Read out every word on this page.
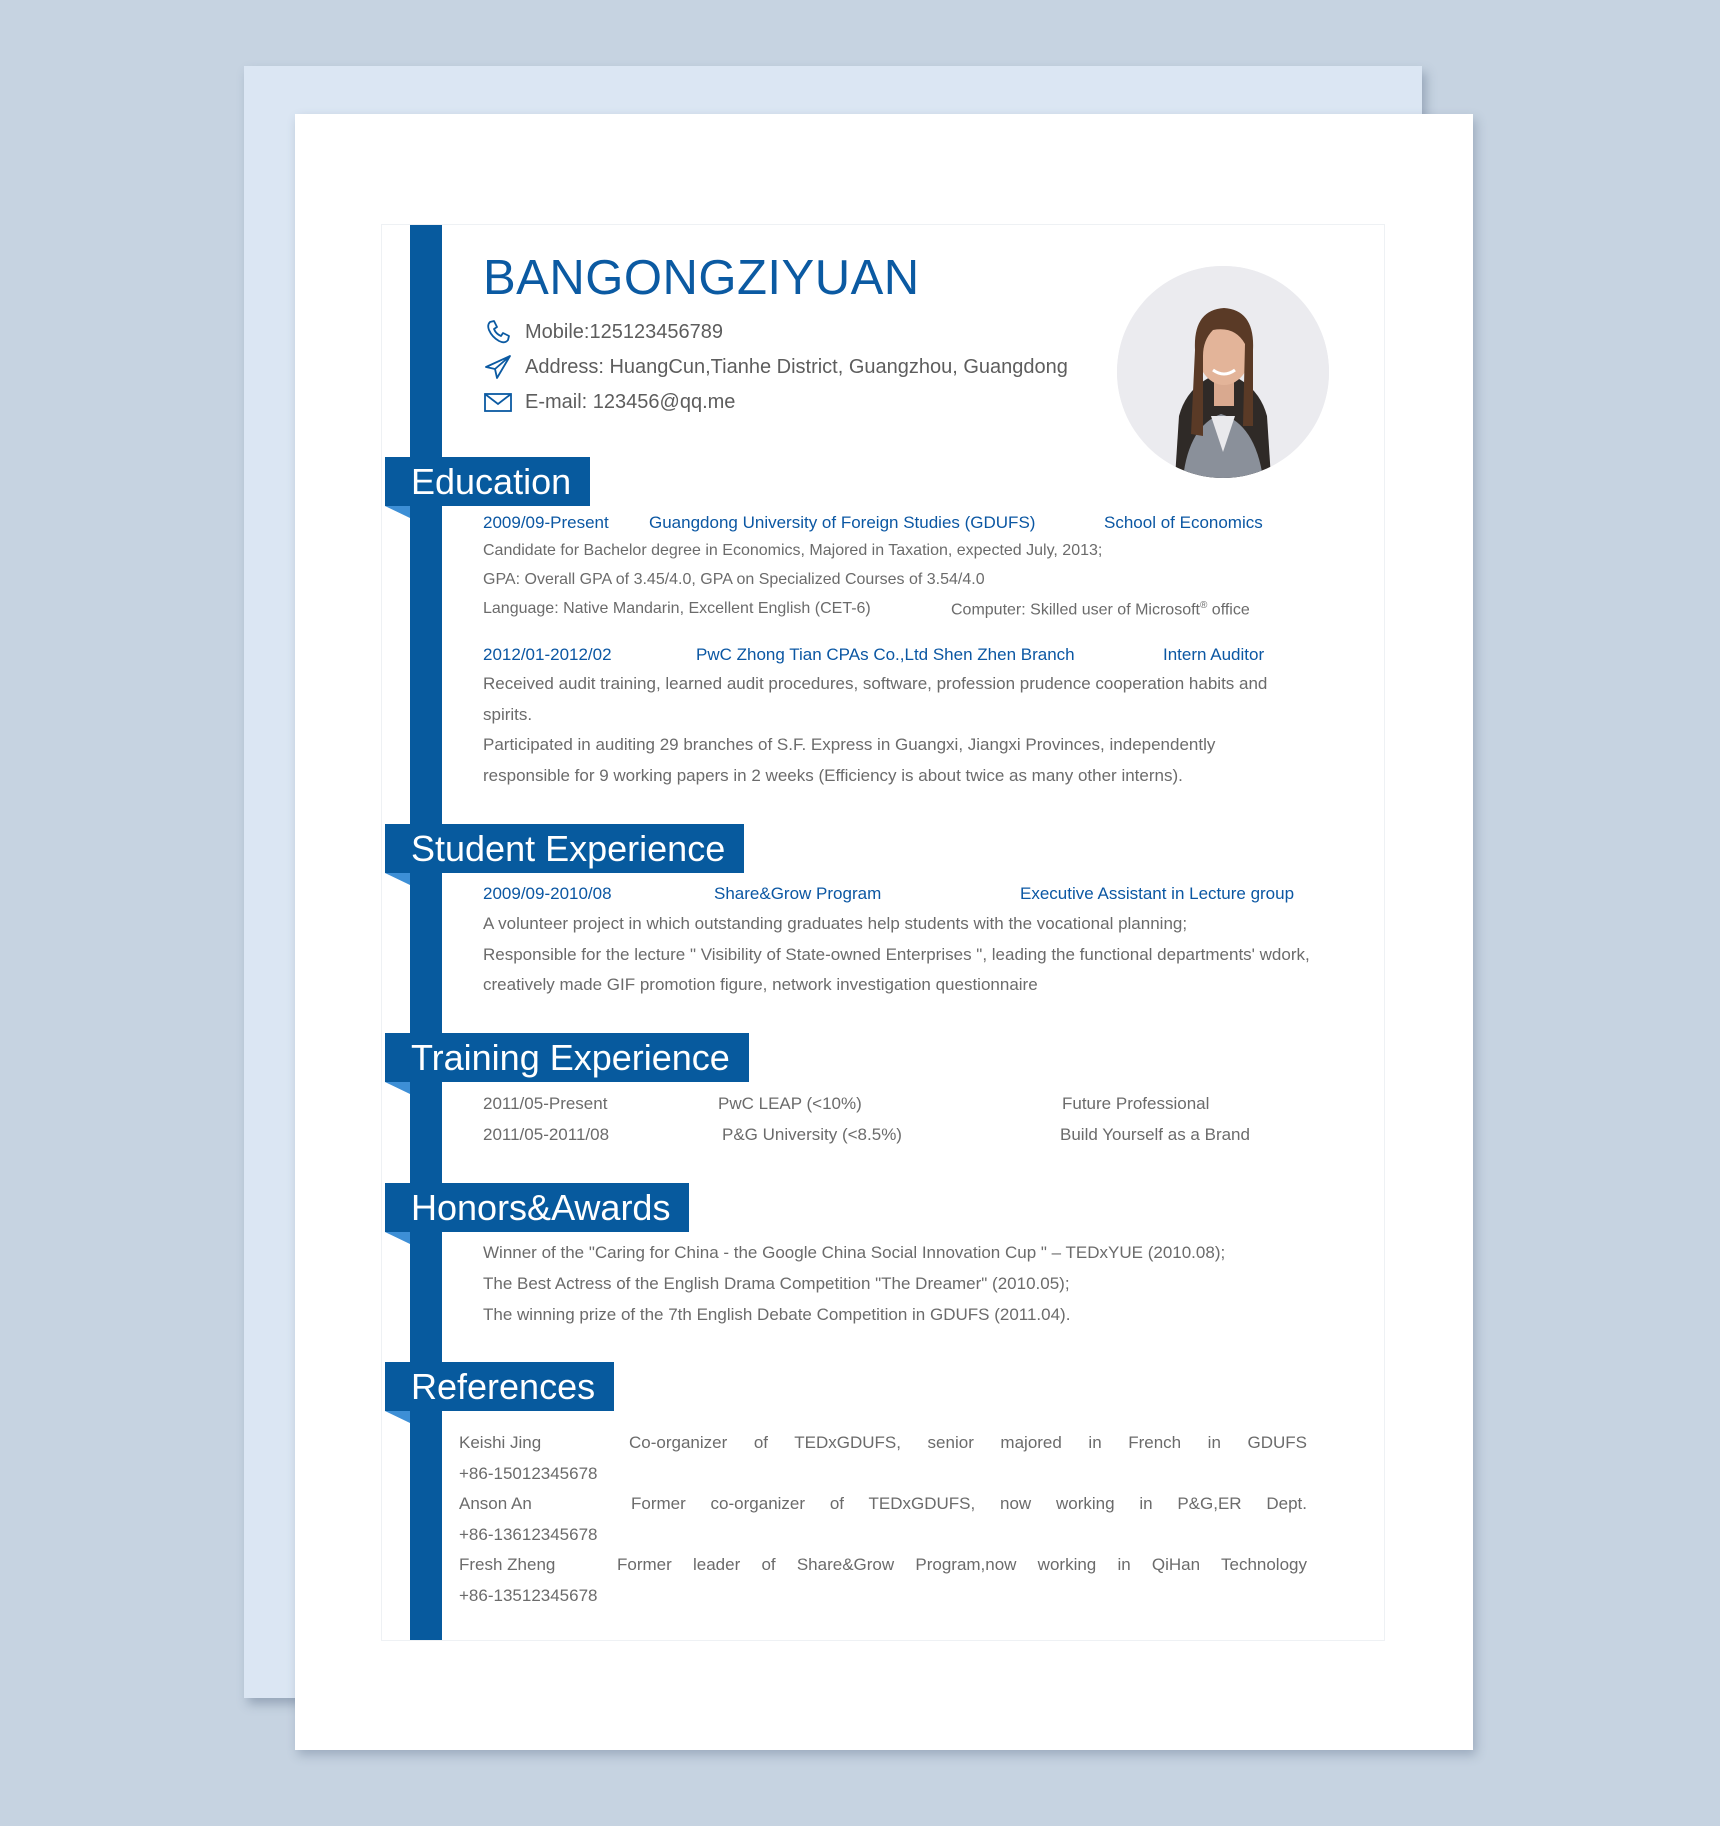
BANGONGZIYUAN
Mobile:125123456789
Address: HuangCun,Tianhe District, Guangzhou, Guangdong
E-mail: 123456@qq.me
Education
Student Experience
Training Experience
Honors&Awards
References
2009/09-Present Guangdong University of Foreign Studies (GDUFS)	School of Economics
Candidate for Bachelor degree in Economics, Majored in Taxation, expected July, 2013;
GPA: Overall GPA of 3.45/4.0, GPA on Specialized Courses of 3.54/4.0
Language: Native Mandarin, Excellent English (CET-6)	Computer: Skilled user of Microsoft® office
2012/01-2012/02	PwC Zhong Tian CPAs Co.,Ltd Shen Zhen Branch	Intern Auditor
Received audit training, learned audit procedures, software, profession prudence cooperation habits and
spirits.
Participated in auditing 29 branches of S.F. Express in Guangxi, Jiangxi Provinces, independently
responsible for 9 working papers in 2 weeks (Efficiency is about twice as many other interns).
2009/09-2010/08	Share&Grow Program	Executive Assistant in Lecture group
A volunteer project in which outstanding graduates help students with the vocational planning;
Responsible for the lecture " Visibility of State-owned Enterprises ", leading the functional departments' wdork,
creatively made GIF promotion figure, network investigation questionnaire
2011/05-Present	PwC LEAP (<10%)	Future Professional
2011/05-2011/08	P&G University (<8.5%)	Build Yourself as a Brand
Winner of the "Caring for China - the Google China Social Innovation Cup " – TEDxYUE (2010.08);
The Best Actress of the English Drama Competition "The Dreamer" (2010.05);
The winning prize of the 7th English Debate Competition in GDUFS (2011.04).
Keishi Jing	Co-organizer of TEDxGDUFS, senior majored in French in GDUFS
+86-15012345678
Anson An	Former co-organizer of TEDxGDUFS, now working in P&G,ER Dept.
+86-13612345678
Fresh Zheng	Former leader of Share&Grow Program,now working in QiHan Technology
+86-13512345678
